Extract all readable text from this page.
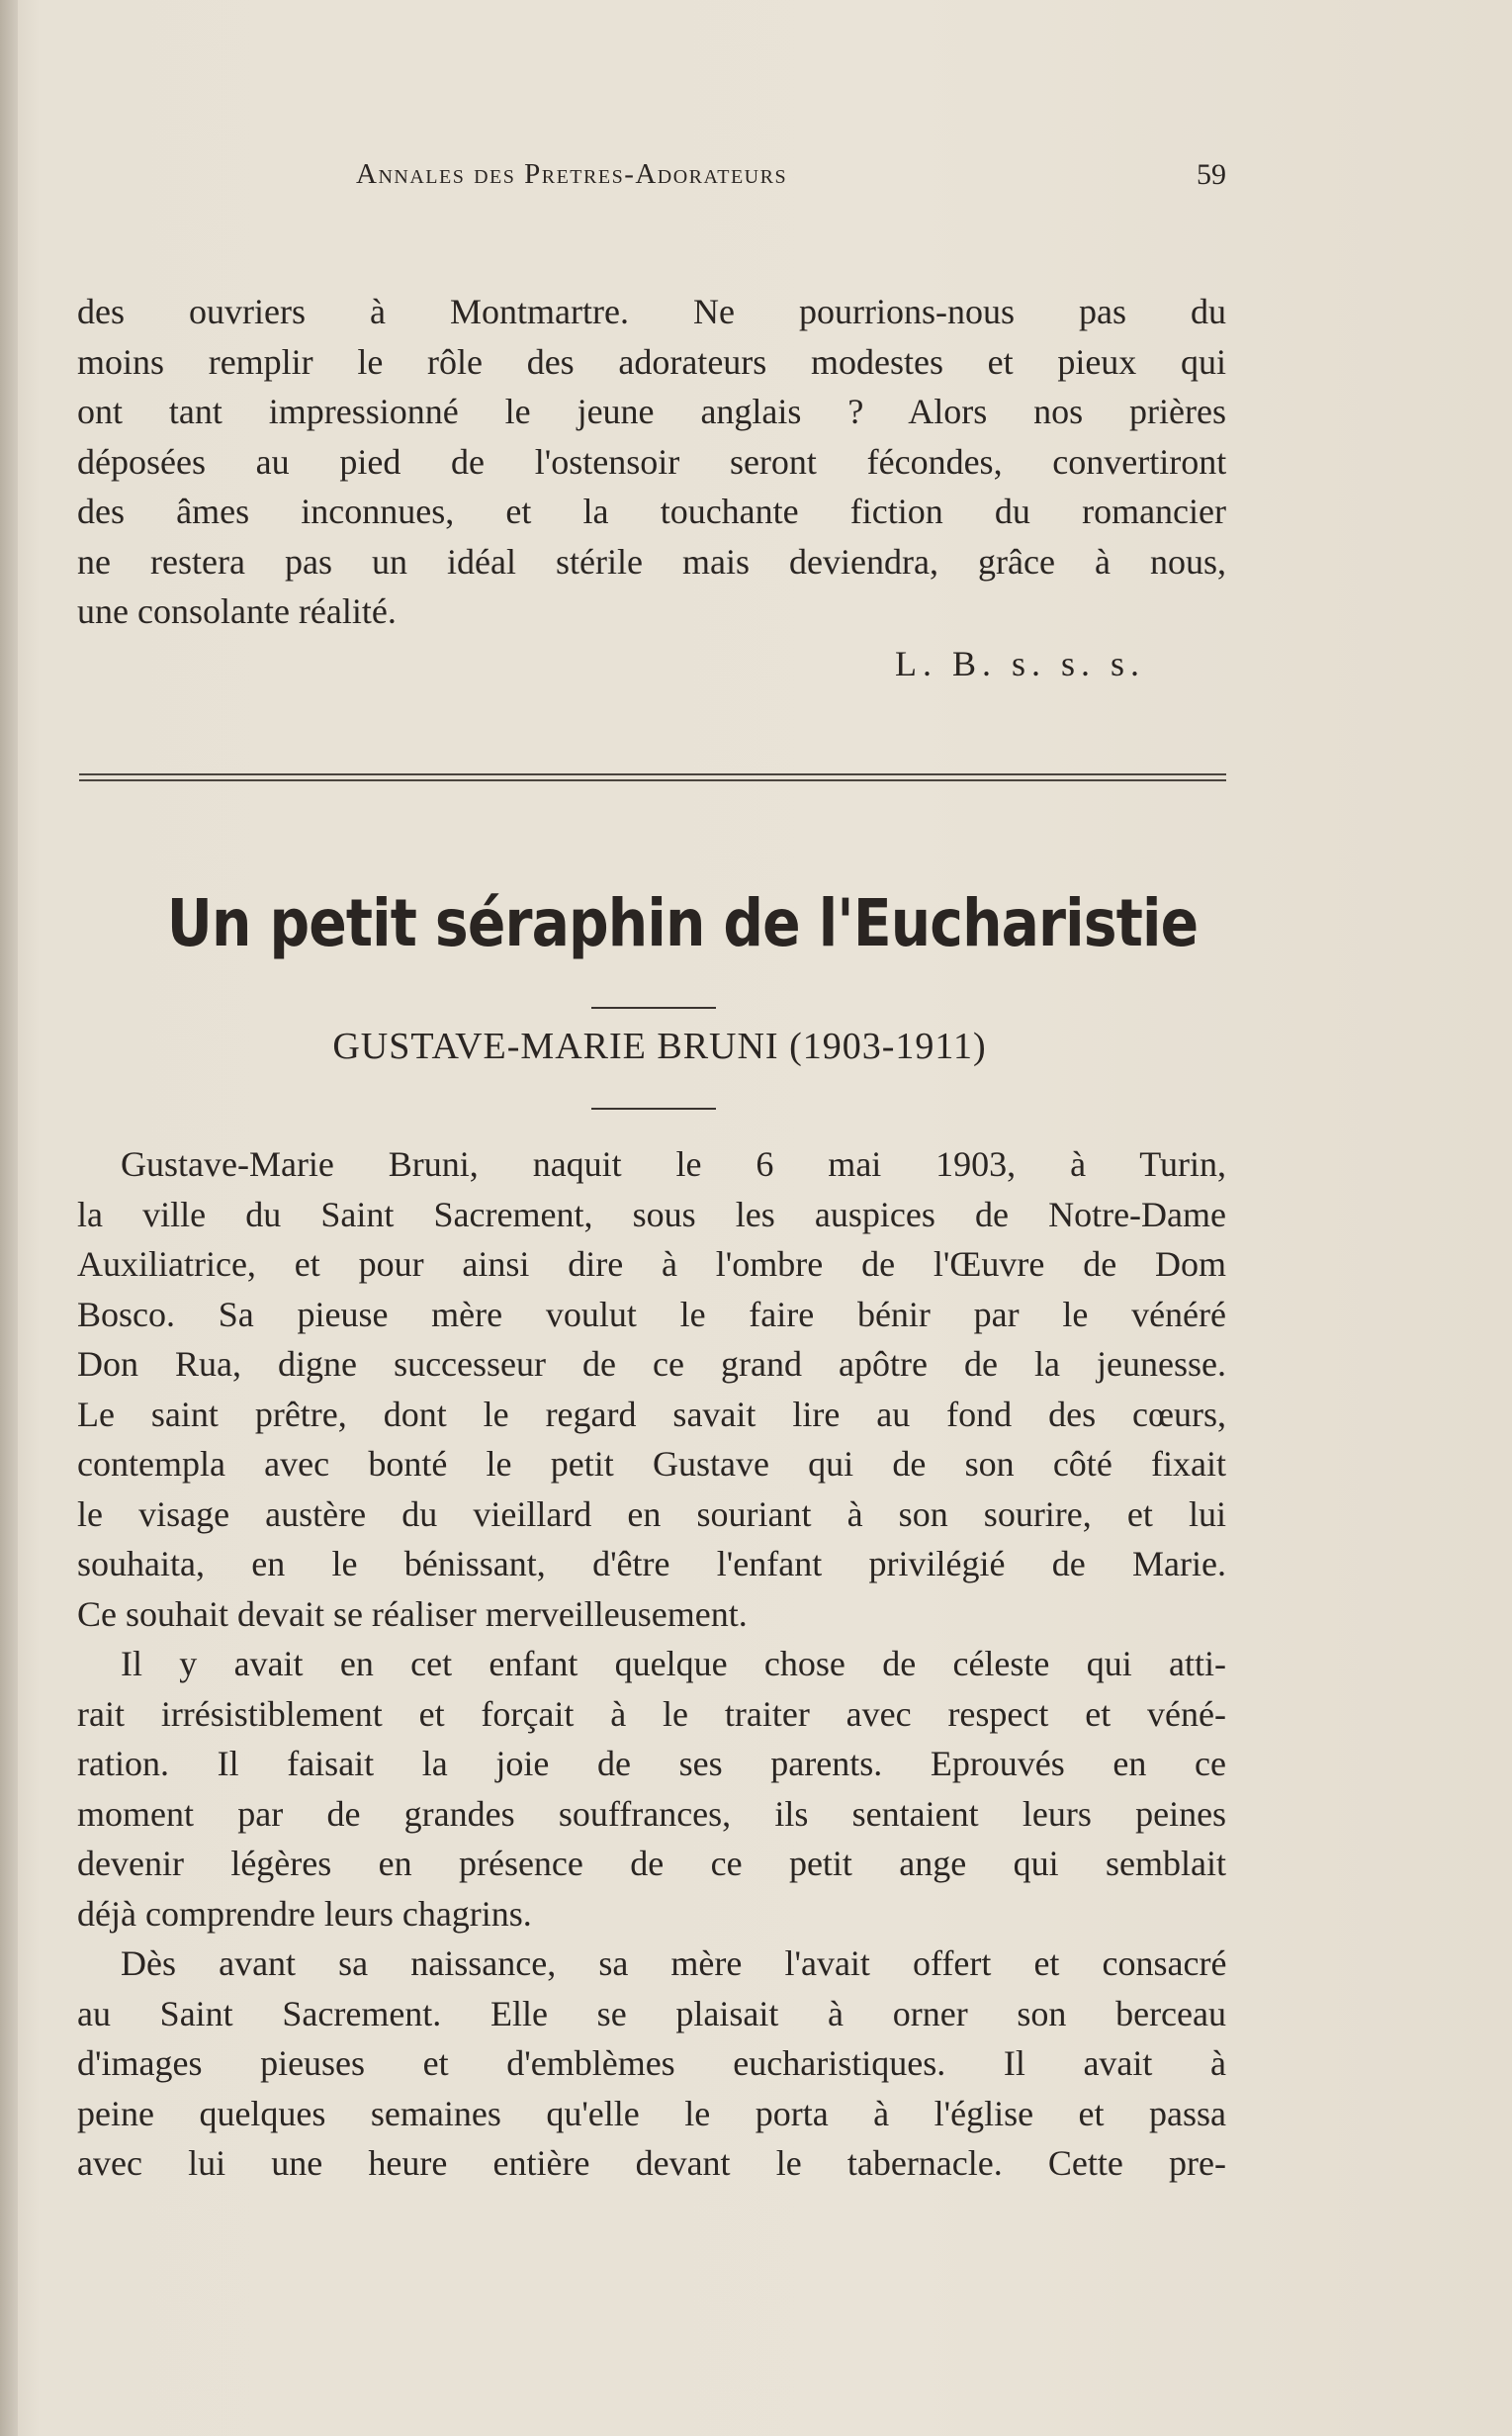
Annales des Pretres-Adorateurs	59
des ouvriers à Montmartre. Ne pourrions-nous pas du
moins remplir le rôle des adorateurs modestes et pieux qui
ont tant impressionné le jeune anglais ? Alors nos prières
déposées au pied de l'ostensoir seront fécondes, convertiront
des âmes inconnues, et la touchante fiction du romancier
ne restera pas un idéal stérile mais deviendra, grâce à nous,
une consolante réalité.
L. B. s. s. s.
Un petit séraphin de l'Eucharistie
GUSTAVE-MARIE BRUNI (1903-1911)

Gustave-Marie Bruni, naquit le 6 mai 1903, à Turin,
la ville du Saint Sacrement, sous les auspices de Notre-Dame
Auxiliatrice, et pour ainsi dire à l'ombre de l'Œuvre de Dom
Bosco. Sa pieuse mère voulut le faire bénir par le vénéré
Don Rua, digne successeur de ce grand apôtre de la jeunesse.
Le saint prêtre, dont le regard savait lire au fond des cœurs,
contempla avec bonté le petit Gustave qui de son côté fixait
le visage austère du vieillard en souriant à son sourire, et lui
souhaita, en le bénissant, d'être l'enfant privilégié de Marie.
Ce souhait devait se réaliser merveilleusement.

Il y avait en cet enfant quelque chose de céleste qui atti-
rait irrésistiblement et forçait à le traiter avec respect et véné-
ration. Il faisait la joie de ses parents. Eprouvés en ce
moment par de grandes souffrances, ils sentaient leurs peines
devenir légères en présence de ce petit ange qui semblait
déjà comprendre leurs chagrins.

Dès avant sa naissance, sa mère l'avait offert et consacré
au Saint Sacrement. Elle se plaisait à orner son berceau
d'images pieuses et d'emblèmes eucharistiques. Il avait à
peine quelques semaines qu'elle le porta à l'église et passa
avec lui une heure entière devant le tabernacle. Cette pre-
